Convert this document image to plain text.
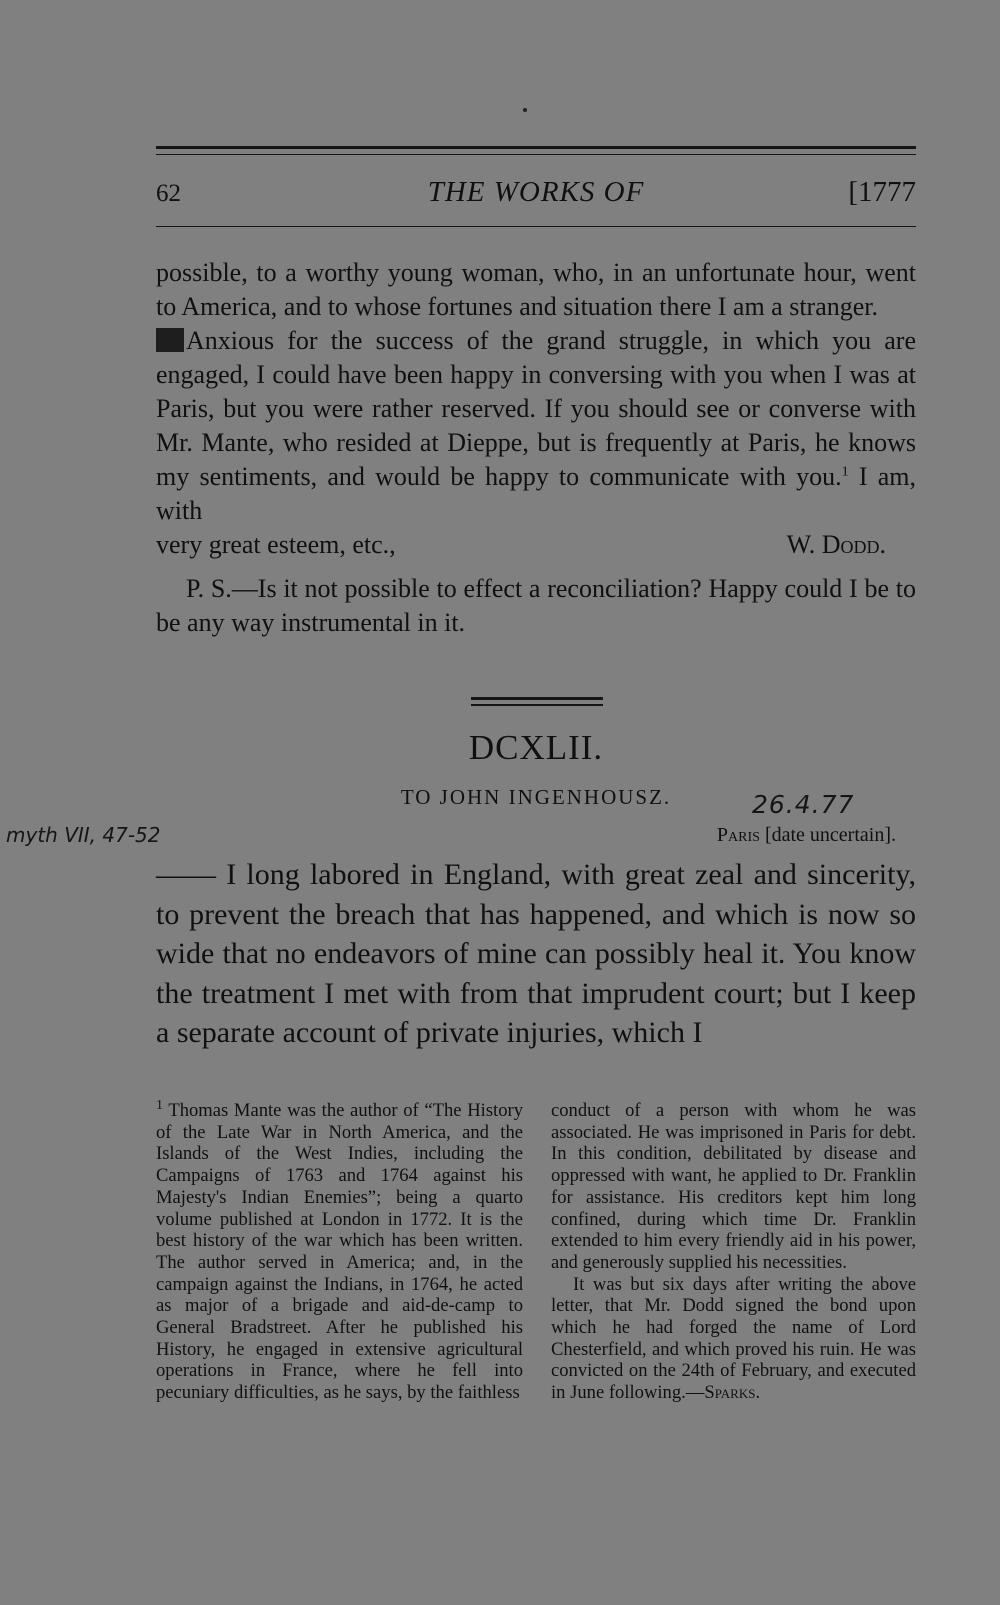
62	THE WORKS OF	[1777

possible, to a worthy young woman, who, in an unfortunate hour, went to America, and to whose fortunes and situation there I am a stranger.

Anxious for the success of the grand struggle, in which you are engaged, I could have been happy in conversing with you when I was at Paris, but you were rather reserved. If you should see or converse with Mr. Mante, who resided at Dieppe, but is frequently at Paris, he knows my sentiments, and would be happy to communicate with you.$^1$ I am, with

very great esteem, etc.,	W. Dodd.

P. S.—Is it not possible to effect a reconciliation? Happy could I be to be any way instrumental in it.

DCXLII.
TO JOHN INGENHOUSZ.
Paris [date uncertain].
26.4.77
myth VII, 47-52

—— I long labored in England, with great zeal and sincerity, to prevent the breach that has happened, and which is now so wide that no endeavors of mine can possibly heal it. You know the treatment I met with from that imprudent court; but I keep a separate account of private injuries, which I

$^1$ Thomas Mante was the author of “The History of the Late War in North America, and the Islands of the West Indies, including the Campaigns of 1763 and 1764 against his Majesty's Indian Enemies”; being a quarto volume published at London in 1772. It is the best history of the war which has been written. The author served in America; and, in the campaign against the Indians, in 1764, he acted as major of a brigade and aid-de-camp to General Bradstreet. After he published his History, he engaged in extensive agricultural operations in France, where he fell into pecuniary difficulties, as he says, by the faithless

conduct of a person with whom he was associated. He was imprisoned in Paris for debt. In this condition, debilitated by disease and oppressed with want, he applied to Dr. Franklin for assistance. His creditors kept him long confined, during which time Dr. Franklin extended to him every friendly aid in his power, and generously supplied his necessities.

It was but six days after writing the above letter, that Mr. Dodd signed the bond upon which he had forged the name of Lord Chesterfield, and which proved his ruin. He was convicted on the 24th of February, and executed in June following.—Sparks.
